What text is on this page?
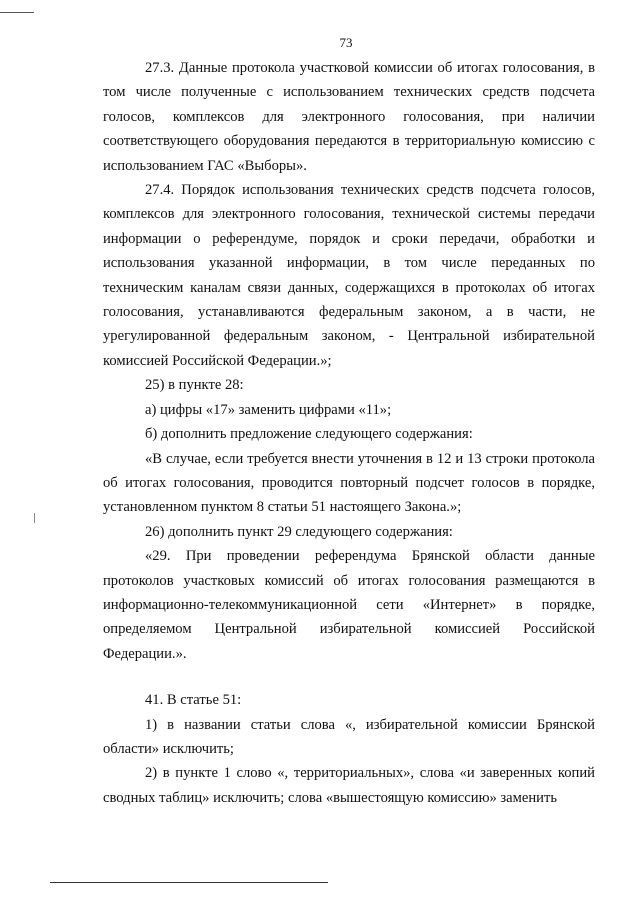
73

27.3. Данные протокола участковой комиссии об итогах голосования, в том числе полученные с использованием технических средств подсчета голосов, комплексов для электронного голосования, при наличии соответствующего оборудования передаются в территориальную комиссию с использованием ГАС «Выборы».

27.4. Порядок использования технических средств подсчета голосов, комплексов для электронного голосования, технической системы передачи информации о референдуме, порядок и сроки передачи, обработки и использования указанной информации, в том числе переданных по техническим каналам связи данных, содержащихся в протоколах об итогах голосования, устанавливаются федеральным законом, а в части, не урегулированной федеральным законом, - Центральной избирательной комиссией Российской Федерации.»;

25) в пункте 28:

а) цифры «17» заменить цифрами «11»;

б) дополнить предложение следующего содержания:

«В случае, если требуется внести уточнения в 12 и 13 строки протокола об итогах голосования, проводится повторный подсчет голосов в порядке, установленном пунктом 8 статьи 51 настоящего Закона.»;

26) дополнить пункт 29 следующего содержания:

«29. При проведении референдума Брянской области данные протоколов участковых комиссий об итогах голосования размещаются в информационно-телекоммуникационной сети «Интернет» в порядке, определяемом Центральной избирательной комиссией Российской Федерации.».

41. В статье 51:

1) в названии статьи слова «, избирательной комиссии Брянской области» исключить;

2) в пункте 1 слово «, территориальных», слова «и заверенных копий сводных таблиц» исключить; слова «вышестоящую комиссию» заменить
